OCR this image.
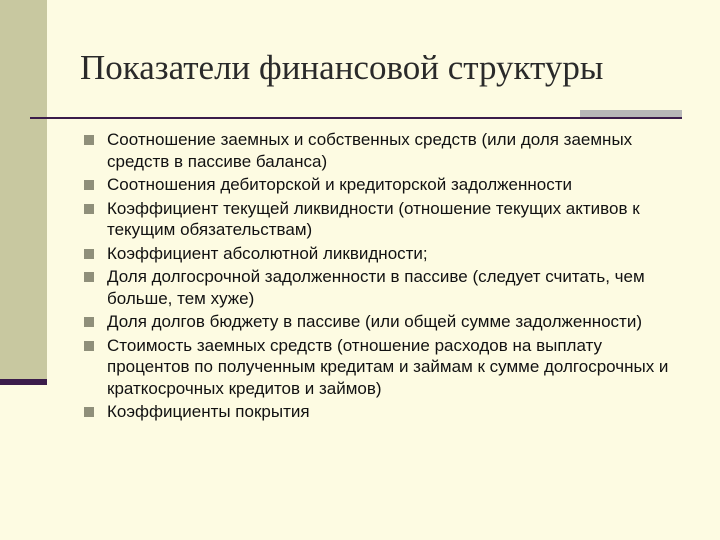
Показатели финансовой структуры
Соотношение заемных и собственных средств (или доля заемных средств в пассиве баланса)
Соотношения дебиторской и кредиторской задолженности
Коэффициент текущей ликвидности (отношение текущих активов к текущим обязательствам)
Коэффициент абсолютной ликвидности;
Доля долгосрочной задолженности в пассиве (следует считать, чем больше, тем хуже)
Доля долгов бюджету в пассиве (или общей сумме задолженности)
Стоимость заемных средств (отношение расходов на выплату процентов по полученным кредитам и займам к сумме долгосрочных и краткосрочных кредитов и займов)
Коэффициенты покрытия
